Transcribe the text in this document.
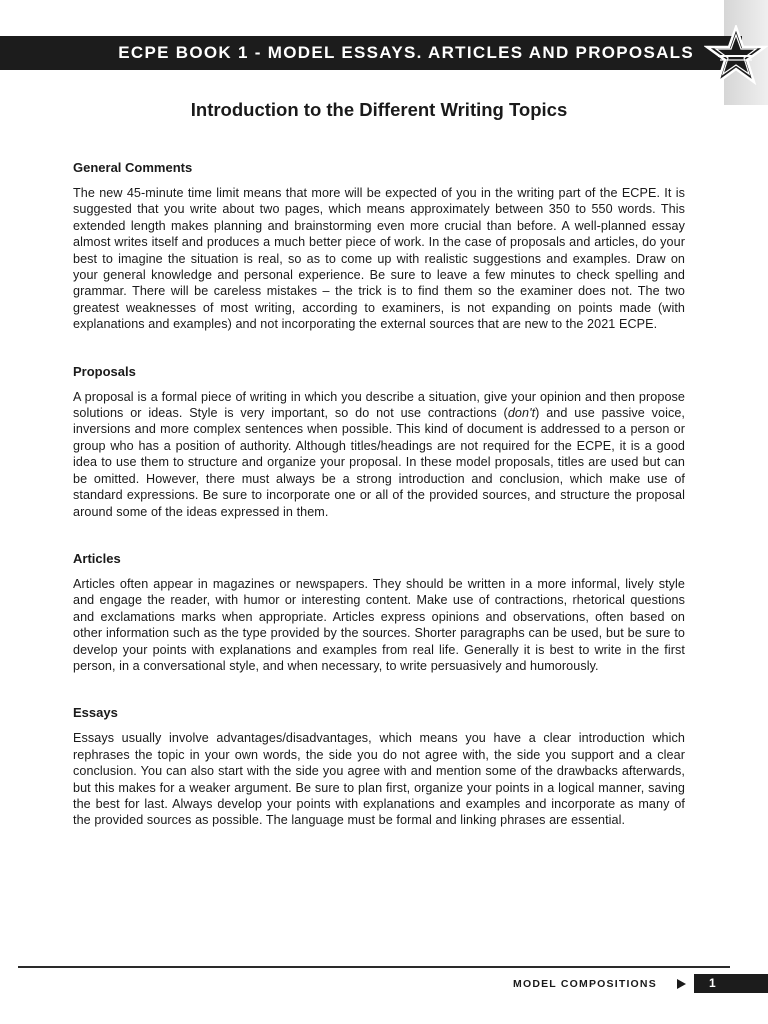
ECPE BOOK 1 - MODEL ESSAYS. ARTICLES AND PROPOSALS
Introduction to the Different Writing Topics
General Comments

The new 45-minute time limit means that more will be expected of you in the writing part of the ECPE. It is suggested that you write about two pages, which means approximately between 350 to 550 words. This extended length makes planning and brainstorming even more crucial than before. A well-planned essay almost writes itself and produces a much better piece of work. In the case of proposals and articles, do your best to imagine the situation is real, so as to come up with realistic suggestions and examples. Draw on your general knowledge and personal experience. Be sure to leave a few minutes to check spelling and grammar. There will be careless mistakes – the trick is to find them so the examiner does not. The two greatest weaknesses of most writing, according to examiners, is not expanding on points made (with explanations and examples) and not incorporating the external sources that are new to the 2021 ECPE.

Proposals

A proposal is a formal piece of writing in which you describe a situation, give your opinion and then propose solutions or ideas. Style is very important, so do not use contractions (don't) and use passive voice, inversions and more complex sentences when possible. This kind of document is addressed to a person or group who has a position of authority. Although titles/headings are not required for the ECPE, it is a good idea to use them to structure and organize your proposal. In these model proposals, titles are used but can be omitted. However, there must always be a strong introduction and conclusion, which make use of standard expressions. Be sure to incorporate one or all of the provided sources, and structure the proposal around some of the ideas expressed in them.

Articles

Articles often appear in magazines or newspapers. They should be written in a more informal, lively style and engage the reader, with humor or interesting content. Make use of contractions, rhetorical questions and exclamations marks when appropriate. Articles express opinions and observations, often based on other information such as the type provided by the sources. Shorter paragraphs can be used, but be sure to develop your points with explanations and examples from real life. Generally it is best to write in the first person, in a conversational style, and when necessary, to write persuasively and humorously.

Essays

Essays usually involve advantages/disadvantages, which means you have a clear introduction which rephrases the topic in your own words, the side you do not agree with, the side you support and a clear conclusion. You can also start with the side you agree with and mention some of the drawbacks afterwards, but this makes for a weaker argument. Be sure to plan first, organize your points in a logical manner, saving the best for last. Always develop your points with explanations and examples and incorporate as many of the provided sources as possible. The language must be formal and linking phrases are essential.

MODEL COMPOSITIONS	1
